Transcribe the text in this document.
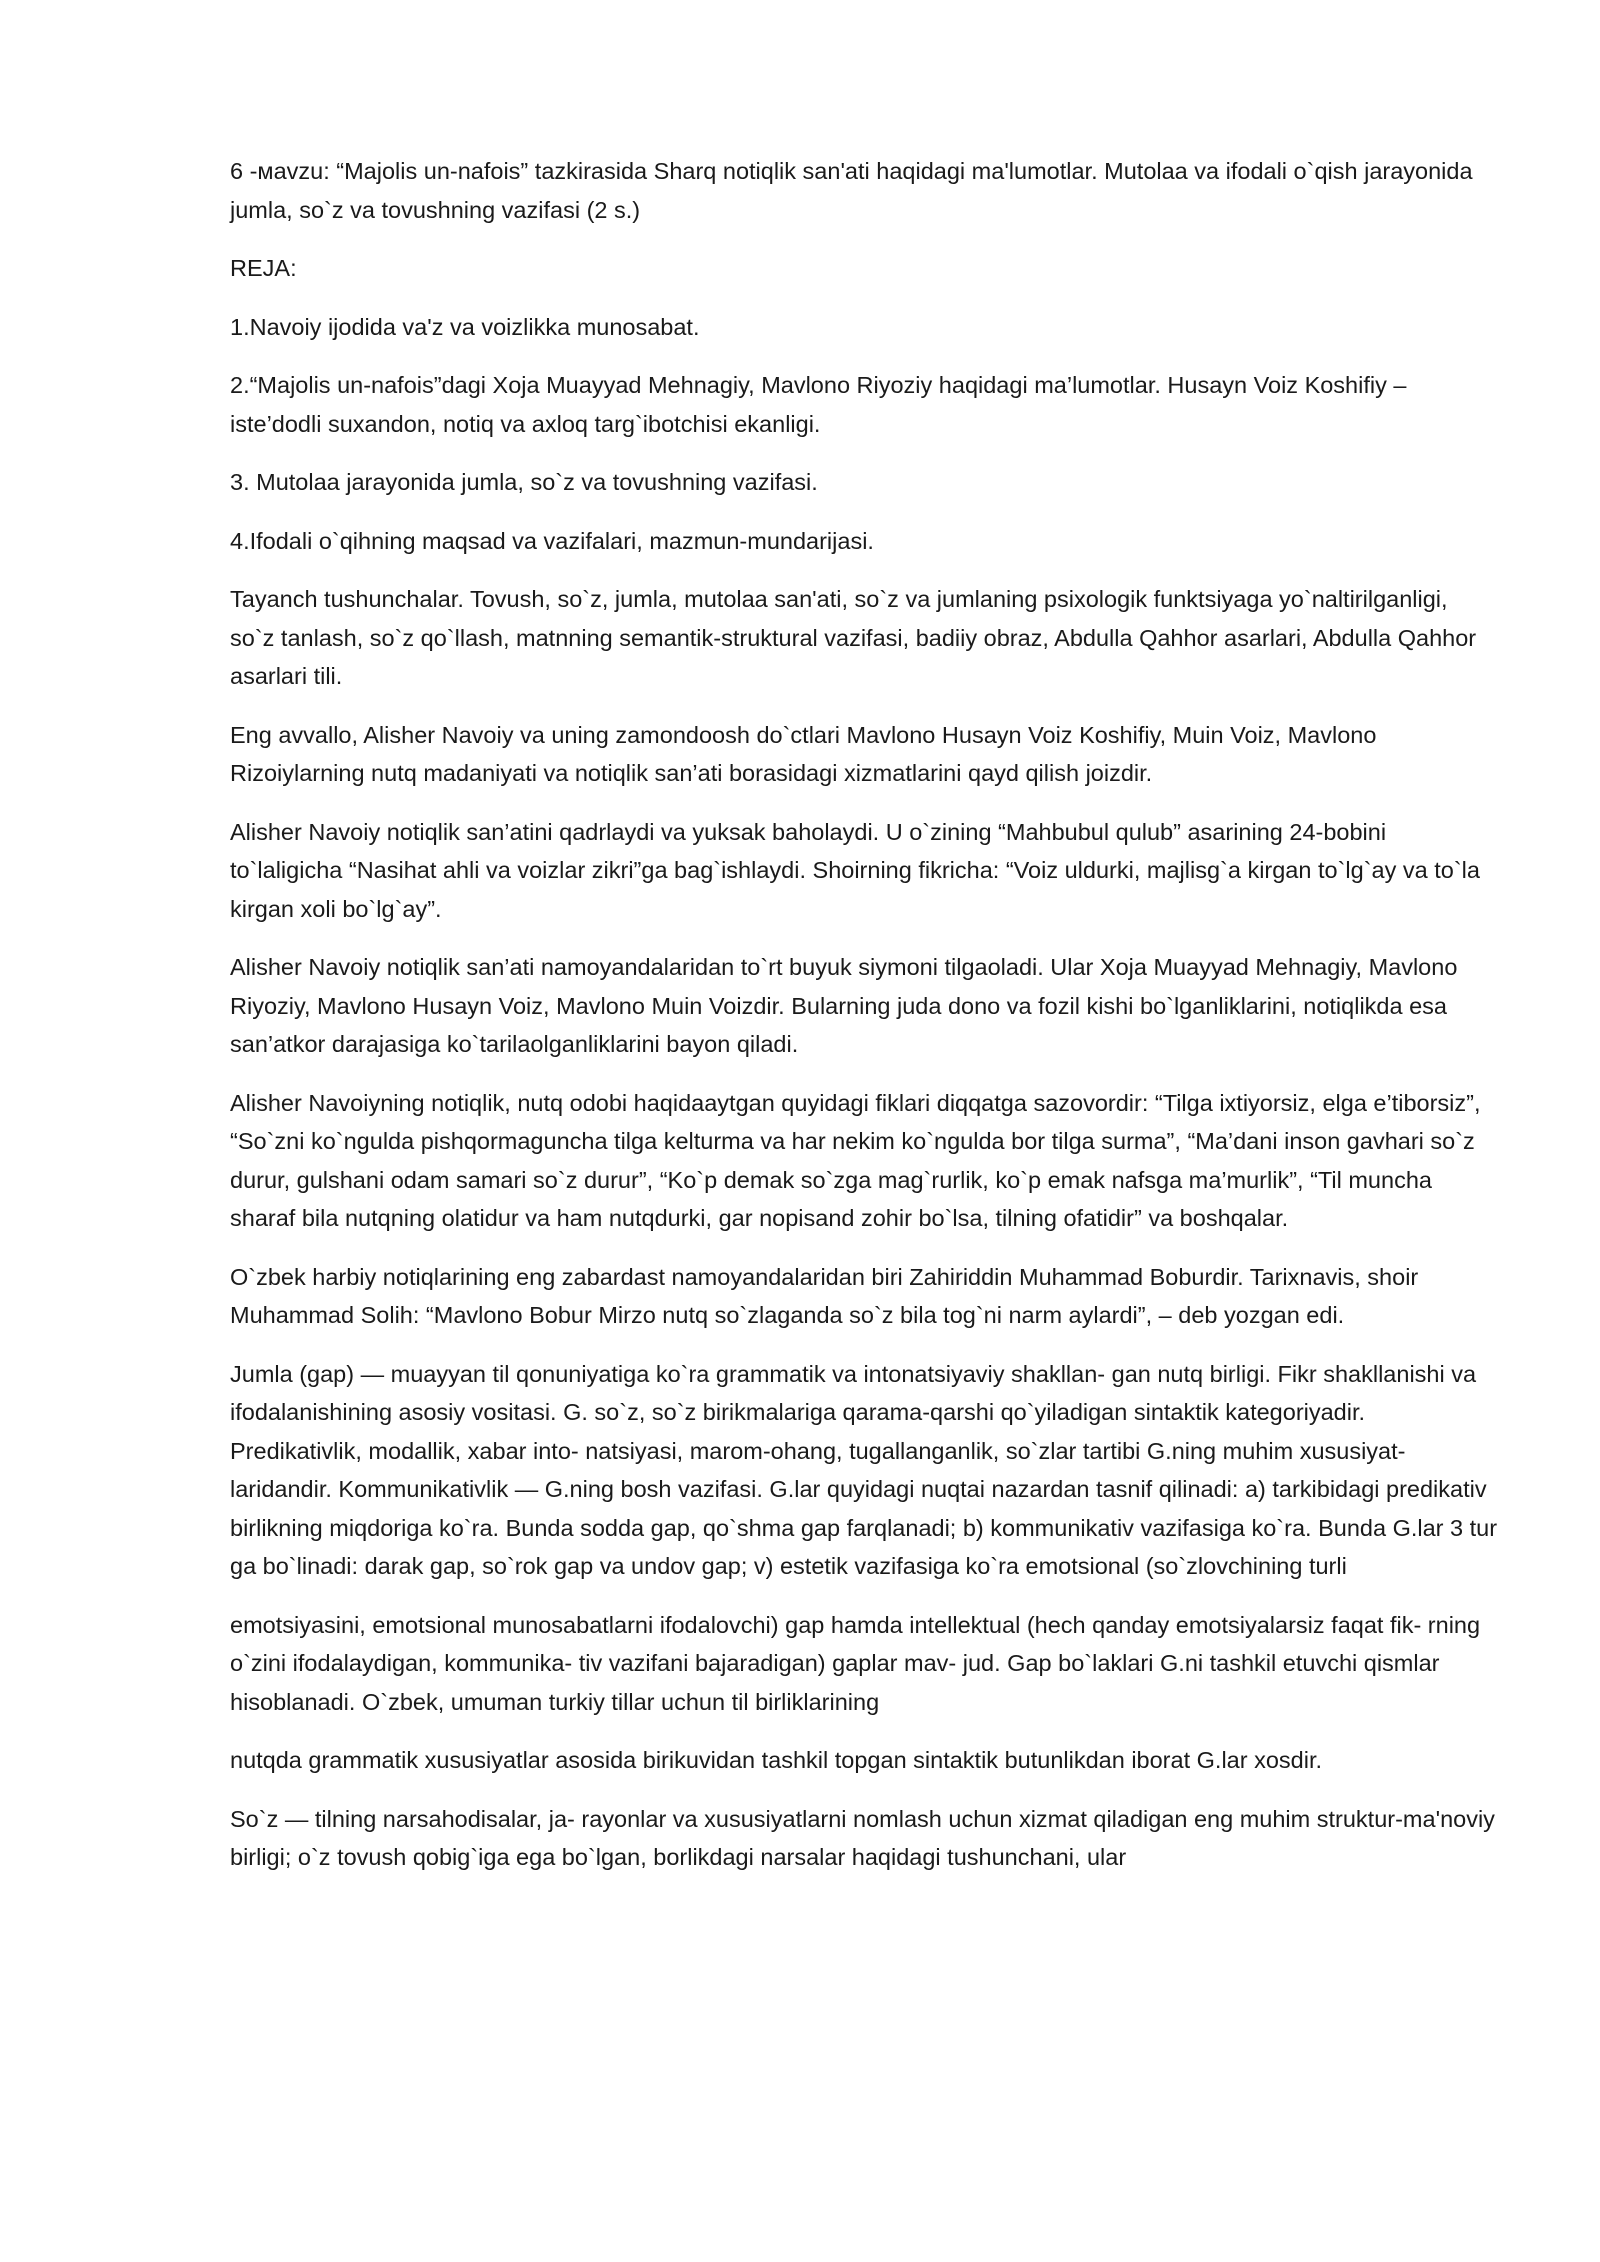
6 -мavzu: “Majolis un-nafois” tazkirasida Sharq notiqlik san'ati haqidagi ma'lumotlar. Mutolaa va ifodali o`qish jarayonida jumla, so`z va tovushning vazifasi (2 s.)

REJA:

1.Navoiy ijodida va'z va voizlikka munosabat.

2.“Majolis un-nafois”dagi Xoja Muayyad Mehnagiy, Mavlono Riyoziy haqidagi ma’lumotlar. Husayn Voiz Koshifiy – iste’dodli suxandon, notiq va axloq targ`ibotchisi ekanligi.

3. Mutolaa jarayonida jumla, so`z va tovushning vazifasi.

4.Ifodali o`qihning maqsad va vazifalari, mazmun-mundarijasi.

Tayanch tushunchalar. Tovush, so`z, jumla, mutolaa san'ati, so`z va jumlaning psixologik funktsiyaga yo`naltirilganligi, so`z tanlash, so`z qo`llash, matnning semantik-struktural vazifasi, badiiy obraz, Abdulla Qahhor asarlari, Abdulla Qahhor asarlari tili.

Eng avvallo, Alisher Navoiy va uning zamondoosh do`ctlari Mavlono Husayn Voiz Koshifiy, Muin Voiz, Mavlono Rizoiylarning nutq madaniyati va notiqlik san’ati borasidagi xizmatlarini qayd qilish joizdir.

Alisher Navoiy notiqlik san’atini qadrlaydi va yuksak baholaydi. U o`zining “Mahbubul qulub” asarining 24-bobini to`laligicha “Nasihat ahli va voizlar zikri”ga bag`ishlaydi. Shoirning fikricha: “Voiz uldurki, majlisg`a kirgan to`lg`ay va to`la kirgan xoli bo`lg`ay”.

Alisher Navoiy notiqlik san’ati namoyandalaridan to`rt buyuk siymoni tilgaoladi. Ular Xoja Muayyad Mehnagiy, Mavlono Riyoziy, Mavlono Husayn Voiz, Mavlono Muin Voizdir. Bularning juda dono va fozil kishi bo`lganliklarini, notiqlikda esa san’atkor darajasiga ko`tarilaolganliklarini bayon qiladi.

Alisher Navoiyning notiqlik, nutq odobi haqidaaytgan quyidagi fiklari diqqatga sazovordir: “Tilga ixtiyorsiz, elga e’tiborsiz”, “So`zni ko`ngulda pishqormaguncha tilga kelturma va har nekim ko`ngulda bor tilga surma”, “Ma’dani inson gavhari so`z durur, gulshani odam samari so`z durur”, “Ko`p demak so`zga mag`rurlik, ko`p emak nafsga ma’murlik”, “Til muncha sharaf bila nutqning olatidur va ham nutqdurki, gar nopisand zohir bo`lsa, tilning ofatidir” va boshqalar.

O`zbek harbiy notiqlarining eng zabardast namoyandalaridan biri Zahiriddin Muhammad Boburdir. Tarixnavis, shoir Muhammad Solih: “Mavlono Bobur Mirzo nutq so`zlaganda so`z bila tog`ni narm aylardi”, – deb yozgan edi.

Jumla (gap) — muayyan til qonuniyatiga ko`ra grammatik va intonatsiyaviy shakllan- gan nutq birligi. Fikr shakllanishi va ifodalanishining asosiy vositasi. G. so`z, so`z birikmalariga qarama-qarshi qo`yiladigan sintaktik kategoriyadir. Predikativlik, modallik, xabar into- natsiyasi, marom-ohang, tugallanganlik, so`zlar tartibi G.ning muhim xususiyat- laridandir. Kommunikativlik — G.ning bosh vazifasi. G.lar quyidagi nuqtai nazardan tasnif qilinadi: a) tarkibidagi predikativ birlikning miqdoriga ko`ra. Bunda sodda gap, qo`shma gap farqlanadi; b) kommunikativ vazifasiga ko`ra. Bunda G.lar 3 tur ga bo`linadi: darak gap, so`rok gap va undov gap; v) estetik vazifasiga ko`ra emotsional (so`zlovchining turli

emotsiyasini, emotsional munosabatlarni ifodalovchi) gap hamda intellektual (hech qanday emotsiyalarsiz faqat fik- rning o`zini ifodalaydigan, kommunika- tiv vazifani bajaradigan) gaplar mav- jud. Gap bo`laklari G.ni tashkil etuvchi qismlar hisoblanadi. O`zbek, umuman turkiy tillar uchun til birliklarining

nutqda grammatik xususiyatlar asosida birikuvidan tashkil topgan sintaktik butunlikdan iborat G.lar xosdir.

So`z — tilning narsahodisalar, ja- rayonlar va xususiyatlarni nomlash uchun xizmat qiladigan eng muhim struktur-ma'noviy birligi; o`z tovush qobig`iga ega bo`lgan, borlikdagi narsalar haqidagi tushunchani, ular
